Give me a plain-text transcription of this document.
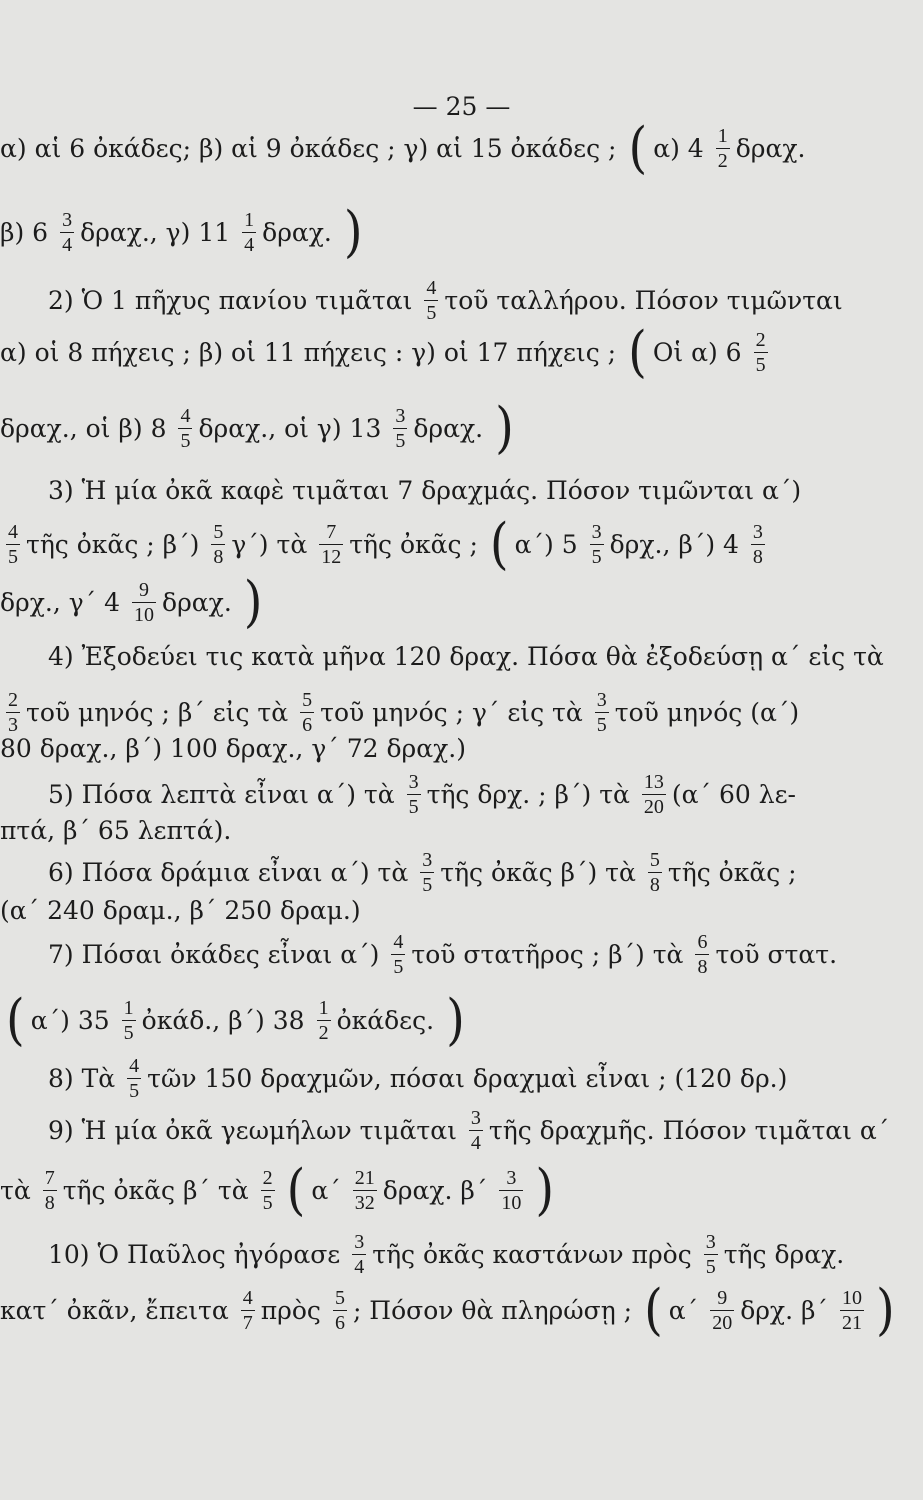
— 25 —
α) αἱ 6 ὀκάδες; β) αἱ 9 ὀκάδες ; γ) αἱ 15 ὀκάδες ; ( α) $4 \frac{1}{2} \delta\rho\alpha\chi$.
β) $6 \frac{3}{4} \delta\rho\alpha\chi$., γ) $11 \frac{1}{4} \delta\rho\alpha\chi$. )
2) Ὁ 1 πῆχυς πανίου τιμᾶται $\frac{4}{5}$ τοῦ ταλλήρου. Πόσον τιμῶνται
α) οἱ 8 πήχεις ; β) οἱ 11 πήχεις : γ) οἱ 17 πήχεις ; ( Οἱ α) $6 \frac{2}{5}$
δραχ., οἱ β) $8 \frac{4}{5} \delta\rho\alpha\chi$., οἱ γ) $13 \frac{3}{5} \delta\rho\alpha\chi$. )
3) Ἡ μία ὀκᾶ καφὲ τιμᾶται 7 δραχμάς. Πόσον τιμῶνται α΄)
$\frac{4}{5}$ τῆς ὀκᾶς ; $\beta΄) \frac{5}{8} \gamma΄$) τὰ $\frac{7}{12}$ τῆς ὀκᾶς ; ( α΄) $5 \frac{3}{5} \delta\rho\chi$., β΄) $4 \frac{3}{8}$
δρχ., γ΄ $4 \frac{9}{10} \delta\rho\alpha\chi$. )
4) Ἐξοδεύει τις κατὰ μῆνα 120 δραχ. Πόσα θὰ ἐξοδεύσῃ α΄ εἰς τὰ
$\frac{2}{3}$ τοῦ μηνός ; β΄ εἰς τὰ $\frac{5}{6}$ τοῦ μηνός ; γ΄ εἰς τὰ $\frac{3}{5}$ τοῦ μηνός (α΄)
80 δραχ., β΄) 100 δραχ., γ΄ 72 δραχ.)
5) Πόσα λεπτὰ εἶναι α΄) τὰ $\frac{3}{5}$ τῆς δρχ. ; β΄) τὰ $\frac{13}{20} (\alpha΄$ 60 λε-
πτά, β΄ 65 λεπτά).
6) Πόσα δράμια εἶναι α΄) τὰ $\frac{3}{5}$ τῆς ὀκᾶς β΄) τὰ $\frac{5}{8}$ τῆς ὀκᾶς ;
(α΄ 240 δραμ., β΄ 250 δραμ.)
7) Πόσαι ὀκάδες εἶναι $\alpha΄) \frac{4}{5}$ τοῦ στατῆρος ; β΄) τὰ $\frac{6}{8}$ τοῦ στατ.
( α΄) $35 \frac{1}{5}$ ὀκάδ., β΄) $38 \frac{1}{2}$ ὀκάδες. )
8) Τὰ $\frac{4}{5}$ τῶν 150 δραχμῶν, πόσαι δραχμαὶ εἶναι ; (120 δρ.)
9) Ἡ μία ὀκᾶ γεωμήλων τιμᾶται $\frac{3}{4}$ τῆς δραχμῆς. Πόσον τιμᾶται α΄
τὰ $\frac{7}{8}$ τῆς ὀκᾶς β΄ τὰ $\frac{2}{5}$ ( $\alpha΄ \frac{21}{32} \delta\rho\alpha\chi$. $\beta΄ \frac{3}{10}$ )
10) Ὁ Παῦλος ἠγόρασε $\frac{3}{4}$ τῆς ὀκᾶς καστάνων πρὸς $\frac{3}{5}$ τῆς δραχ.
κατ΄ ὀκᾶν, ἔπειτα $\frac{4}{7}$ πρὸς $\frac{5}{6}$ ; Πόσον θὰ πληρώσῃ ; ( $\alpha΄ \frac{9}{20} \delta\rho\chi$. $\beta΄ \frac{10}{21}$ )
